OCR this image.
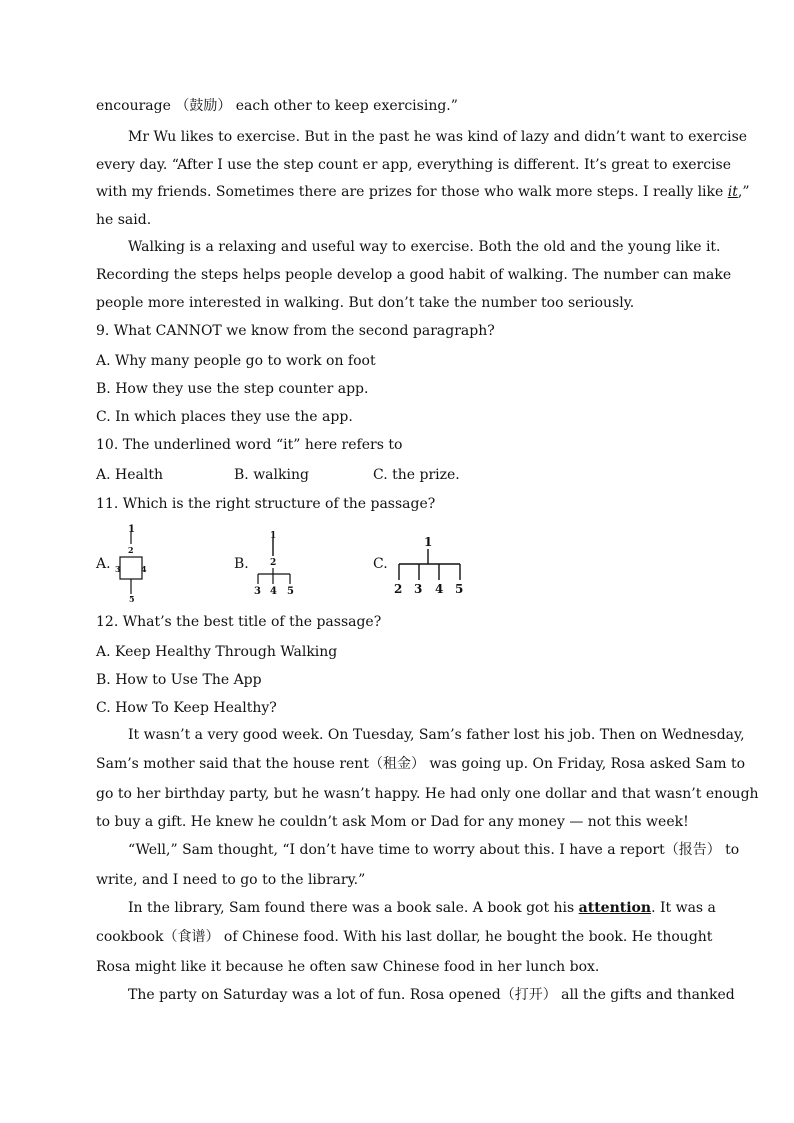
encourage （鼓励） each other to keep exercising.”
Mr Wu likes to exercise. But in the past he was kind of lazy and didn’t want to exercise
every day. “After I use the step count er app, everything is different. It’s great to exercise
with my friends. Sometimes there are prizes for those who walk more steps. I really like it,”
he said.
Walking is a relaxing and useful way to exercise. Both the old and the young like it.
Recording the steps helps people develop a good habit of walking. The number can make
people more interested in walking. But don’t take the number too seriously.
9. What CANNOT we know from the second paragraph?
A. Why many people go to work on foot
B. How they use the step counter app.
C. In which places they use the app.
10. The underlined word “it” here refers to
A. Health	B. walking	C. the prize.
11. Which is the right structure of the passage?
A.	B.	C.
1
2
3	4
5
1
2
3 4 5
1
2 3 4 5
12. What’s the best title of the passage?
A. Keep Healthy Through Walking
B. How to Use The App
C. How To Keep Healthy?
It wasn’t a very good week. On Tuesday, Sam’s father lost his job. Then on Wednesday,
Sam’s mother said that the house rent（租金） was going up. On Friday, Rosa asked Sam to
go to her birthday party, but he wasn’t happy. He had only one dollar and that wasn’t enough
to buy a gift. He knew he couldn’t ask Mom or Dad for any money — not this week!
“Well,” Sam thought, “I don’t have time to worry about this. I have a report（报告） to
write, and I need to go to the library.”
In the library, Sam found there was a book sale. A book got his attention. It was a
cookbook（食谱） of Chinese food. With his last dollar, he bought the book. He thought
Rosa might like it because he often saw Chinese food in her lunch box.
The party on Saturday was a lot of fun. Rosa opened（打开） all the gifts and thanked
